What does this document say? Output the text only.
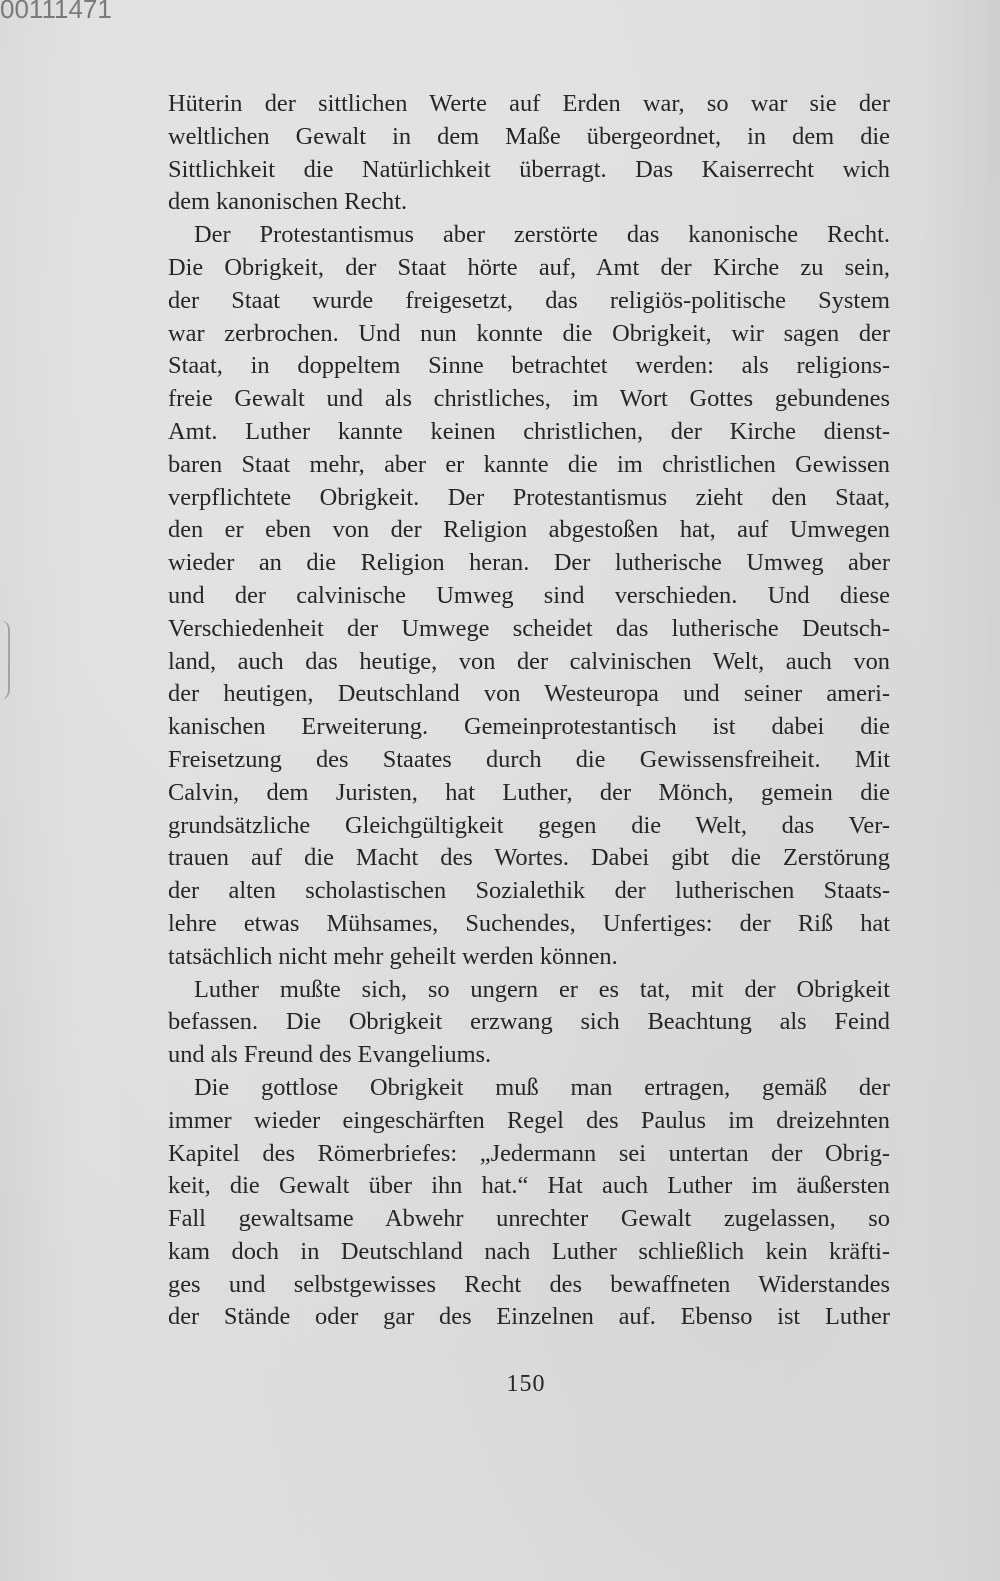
00111471

Hüterin der sittlichen Werte auf Erden war, so war sie der
weltlichen Gewalt in dem Maße übergeordnet, in dem die
Sittlichkeit die Natürlichkeit überragt. Das Kaiserrecht wich
dem kanonischen Recht.

Der Protestantismus aber zerstörte das kanonische Recht.
Die Obrigkeit, der Staat hörte auf, Amt der Kirche zu sein,
der Staat wurde freigesetzt, das religiös-politische System
war zerbrochen. Und nun konnte die Obrigkeit, wir sagen der
Staat, in doppeltem Sinne betrachtet werden: als religions-
freie Gewalt und als christliches, im Wort Gottes gebundenes
Amt. Luther kannte keinen christlichen, der Kirche dienst-
baren Staat mehr, aber er kannte die im christlichen Gewissen
verpflichtete Obrigkeit. Der Protestantismus zieht den Staat,
den er eben von der Religion abgestoßen hat, auf Umwegen
wieder an die Religion heran. Der lutherische Umweg aber
und der calvinische Umweg sind verschieden. Und diese
Verschiedenheit der Umwege scheidet das lutherische Deutsch-
land, auch das heutige, von der calvinischen Welt, auch von
der heutigen, Deutschland von Westeuropa und seiner ameri-
kanischen Erweiterung. Gemeinprotestantisch ist dabei die
Freisetzung des Staates durch die Gewissensfreiheit. Mit
Calvin, dem Juristen, hat Luther, der Mönch, gemein die
grundsätzliche Gleichgültigkeit gegen die Welt, das Ver-
trauen auf die Macht des Wortes. Dabei gibt die Zerstörung
der alten scholastischen Sozialethik der lutherischen Staats-
lehre etwas Mühsames, Suchendes, Unfertiges: der Riß hat
tatsächlich nicht mehr geheilt werden können.

Luther mußte sich, so ungern er es tat, mit der Obrigkeit
befassen. Die Obrigkeit erzwang sich Beachtung als Feind
und als Freund des Evangeliums.

Die gottlose Obrigkeit muß man ertragen, gemäß der
immer wieder eingeschärften Regel des Paulus im dreizehnten
Kapitel des Römerbriefes: „Jedermann sei untertan der Obrig-
keit, die Gewalt über ihn hat.“ Hat auch Luther im äußersten
Fall gewaltsame Abwehr unrechter Gewalt zugelassen, so
kam doch in Deutschland nach Luther schließlich kein kräfti-
ges und selbstgewisses Recht des bewaffneten Widerstandes
der Stände oder gar des Einzelnen auf. Ebenso ist Luther

150
